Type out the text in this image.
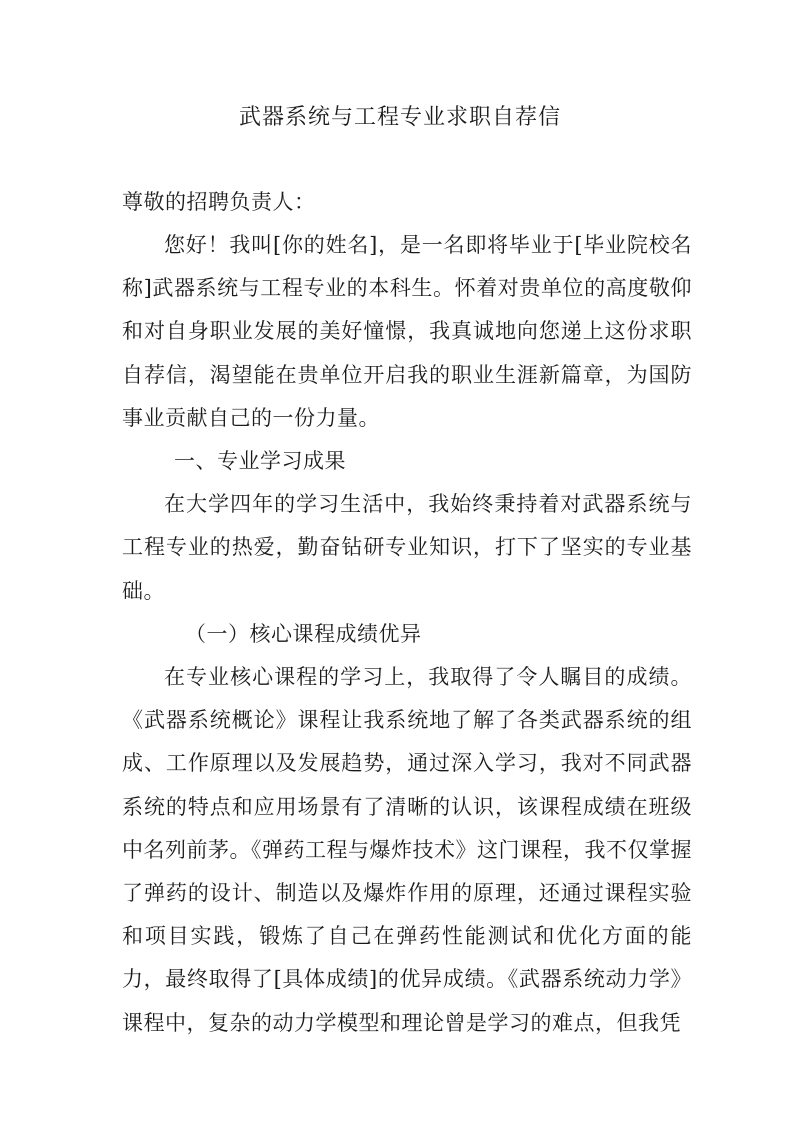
武器系统与工程专业求职自荐信
尊敬的招聘负责人：

您好！我叫[你的姓名]，是一名即将毕业于[毕业院校名称]武器系统与工程专业的本科生。怀着对贵单位的高度敬仰和对自身职业发展的美好憧憬，我真诚地向您递上这份求职自荐信，渴望能在贵单位开启我的职业生涯新篇章，为国防事业贡献自己的一份力量。

一、专业学习成果

在大学四年的学习生活中，我始终秉持着对武器系统与工程专业的热爱，勤奋钻研专业知识，打下了坚实的专业基础。

（一）核心课程成绩优异

在专业核心课程的学习上，我取得了令人瞩目的成绩。《武器系统概论》课程让我系统地了解了各类武器系统的组成、工作原理以及发展趋势，通过深入学习，我对不同武器系统的特点和应用场景有了清晰的认识，该课程成绩在班级中名列前茅。《弹药工程与爆炸技术》这门课程，我不仅掌握了弹药的设计、制造以及爆炸作用的原理，还通过课程实验和项目实践，锻炼了自己在弹药性能测试和优化方面的能力，最终取得了[具体成绩]的优异成绩。《武器系统动力学》课程中，复杂的动力学模型和理论曾是学习的难点，但我凭
